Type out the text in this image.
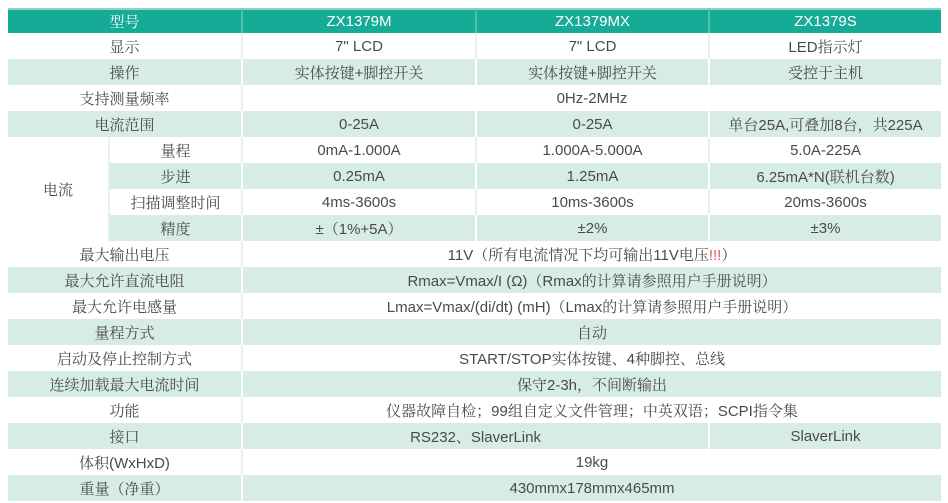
型号		ZX1379M	ZX1379MX	ZX1379S
显示		7" LCD	7" LCD	LED指示灯
操作		实体按键+脚控开关	实体按键+脚控开关	受控于主机
支持测量频率		0Hz-2MHz		
电流范围		0-25A	0-25A	单台25A,可叠加8台，共225A
电流	量程	0mA-1.000A	1.000A-5.000A	5.0A-225A
	步进	0.25mA	1.25mA	6.25mA*N(联机台数)
	扫描调整时间	4ms-3600s	10ms-3600s	20ms-3600s
	精度	±（1%+5A）	±2%	±3%
最大输出电压		11V（所有电流情况下均可输出11V电压!!!）		
最大允许直流电阻		Rmax=Vmax/I (Ω)（Rmax的计算请参照用户手册说明）		
最大允许电感量		Lmax=Vmax/(di/dt) (mH)（Lmax的计算请参照用户手册说明）		
量程方式		自动		
启动及停止控制方式		START/STOP实体按键、4种脚控、总线		
连续加载最大电流时间		保守2-3h，不间断输出		
功能		仪器故障自检；99组自定义文件管理；中英双语；SCPI指令集		
接口		RS232、SlaverLink		SlaverLink
体积(WxHxD)		19kg		
重量（净重）		430mmx178mmx465mm		
